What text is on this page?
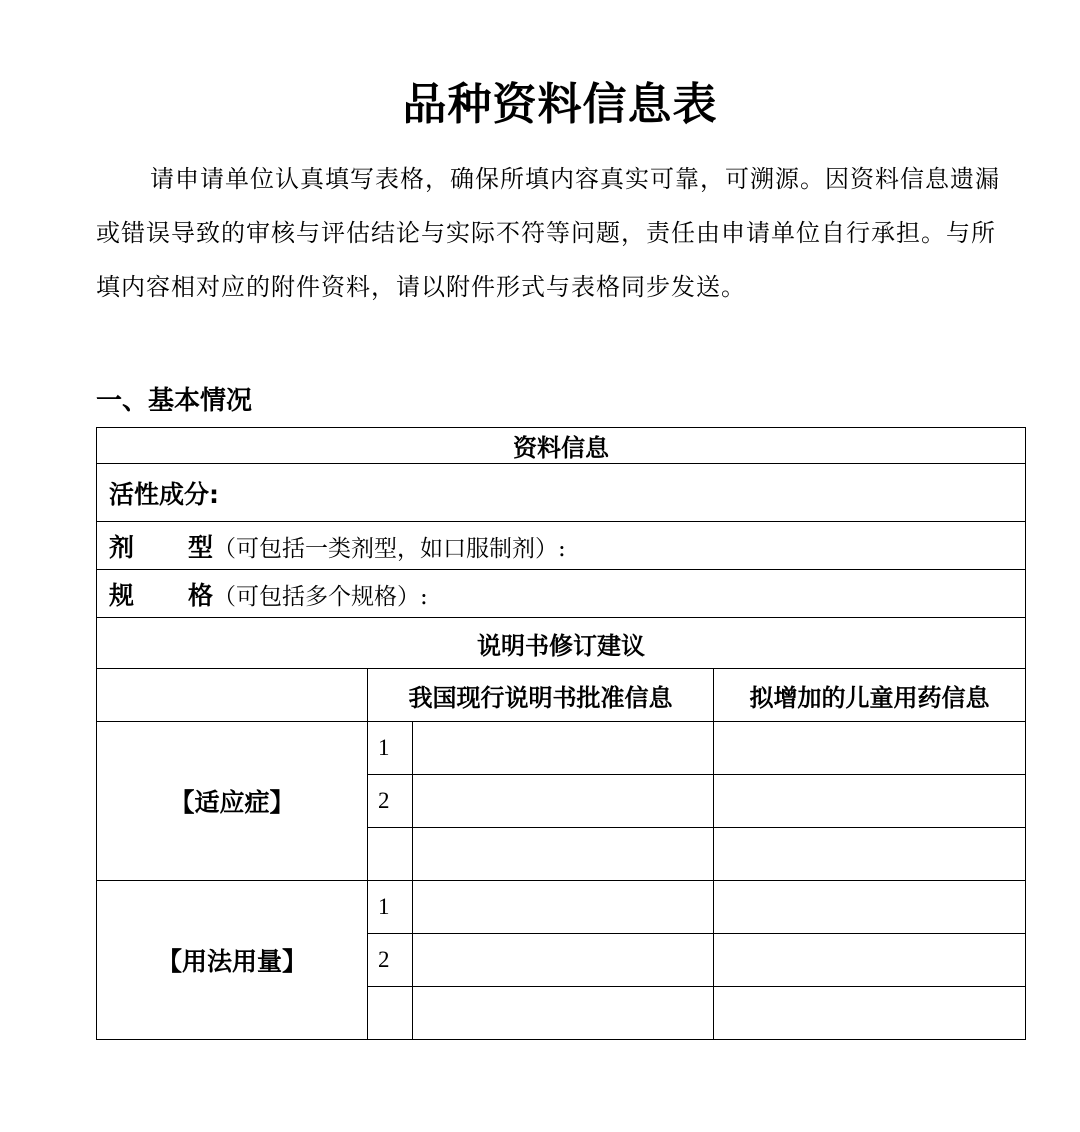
品种资料信息表

请申请单位认真填写表格，确保所填内容真实可靠，可溯源。因资料信息遗漏或错误导致的审核与评估结论与实际不符等问题，责任由申请单位自行承担。与所填内容相对应的附件资料，请以附件形式与表格同步发送。

一、基本情况
资料信息			
活性成分:			
剂 型（可包括一类剂型，如口服制剂）:			
规 格（可包括多个规格）:			
说明书修订建议			
	我国现行说明书批准信息		拟增加的儿童用药信息
【适应症】	1		
	2		

【用法用量】	1		
	2		
